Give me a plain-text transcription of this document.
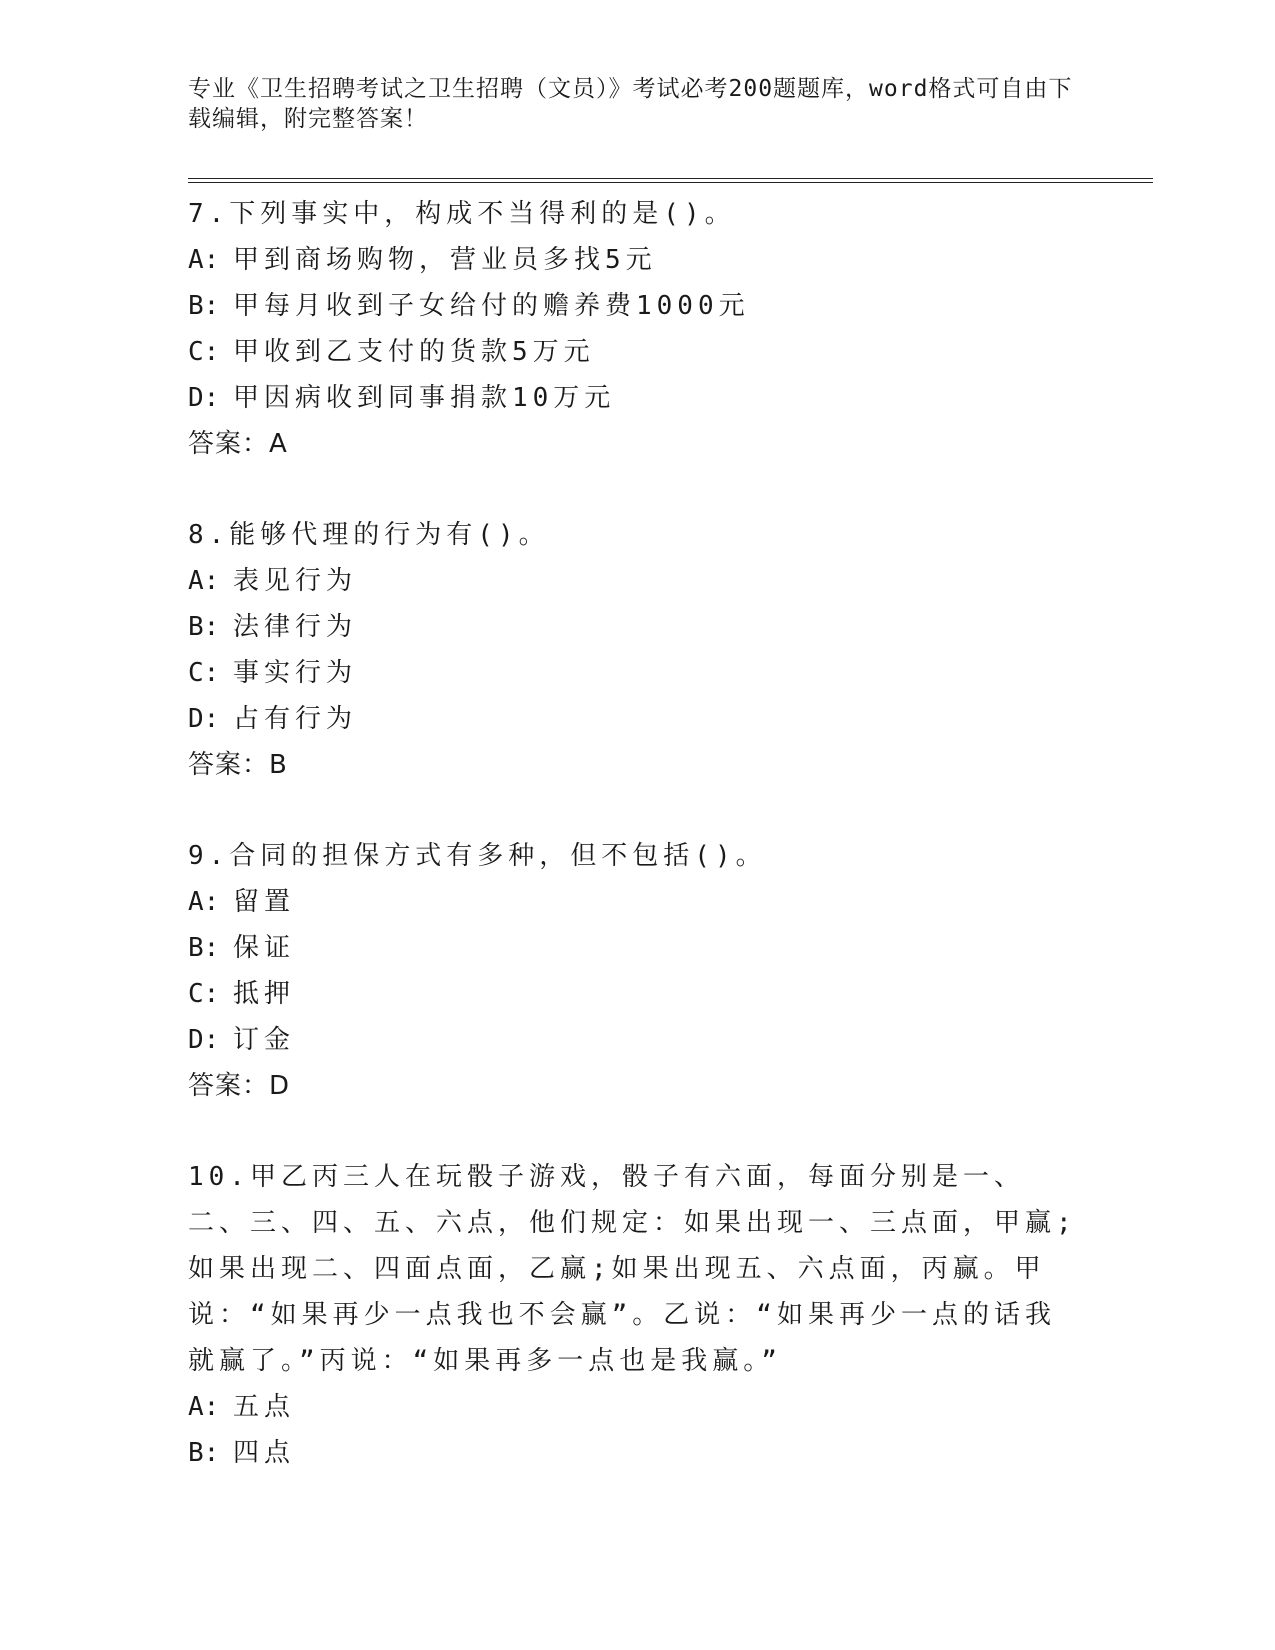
专业《卫生招聘考试之卫生招聘（文员）》考试必考200题题库，word格式可自由下载编辑，附完整答案！
7.下列事实中，构成不当得利的是()。
A: 甲到商场购物，营业员多找5元
B: 甲每月收到子女给付的赡养费1000元
C: 甲收到乙支付的货款5万元
D: 甲因病收到同事捐款10万元
答案：A
8.能够代理的行为有()。
A: 表见行为
B: 法律行为
C: 事实行为
D: 占有行为
答案：B
9.合同的担保方式有多种，但不包括()。
A: 留置
B: 保证
C: 抵押
D: 订金
答案：D
10.甲乙丙三人在玩骰子游戏，骰子有六面，每面分别是一、二、三、四、五、六点，他们规定：如果出现一、三点面，甲赢;如果出现二、四面点面，乙赢;如果出现五、六点面，丙赢。甲说：“如果再少一点我也不会赢”。乙说：“如果再少一点的话我就赢了。”丙说：“如果再多一点也是我赢。”
A: 五点
B: 四点
